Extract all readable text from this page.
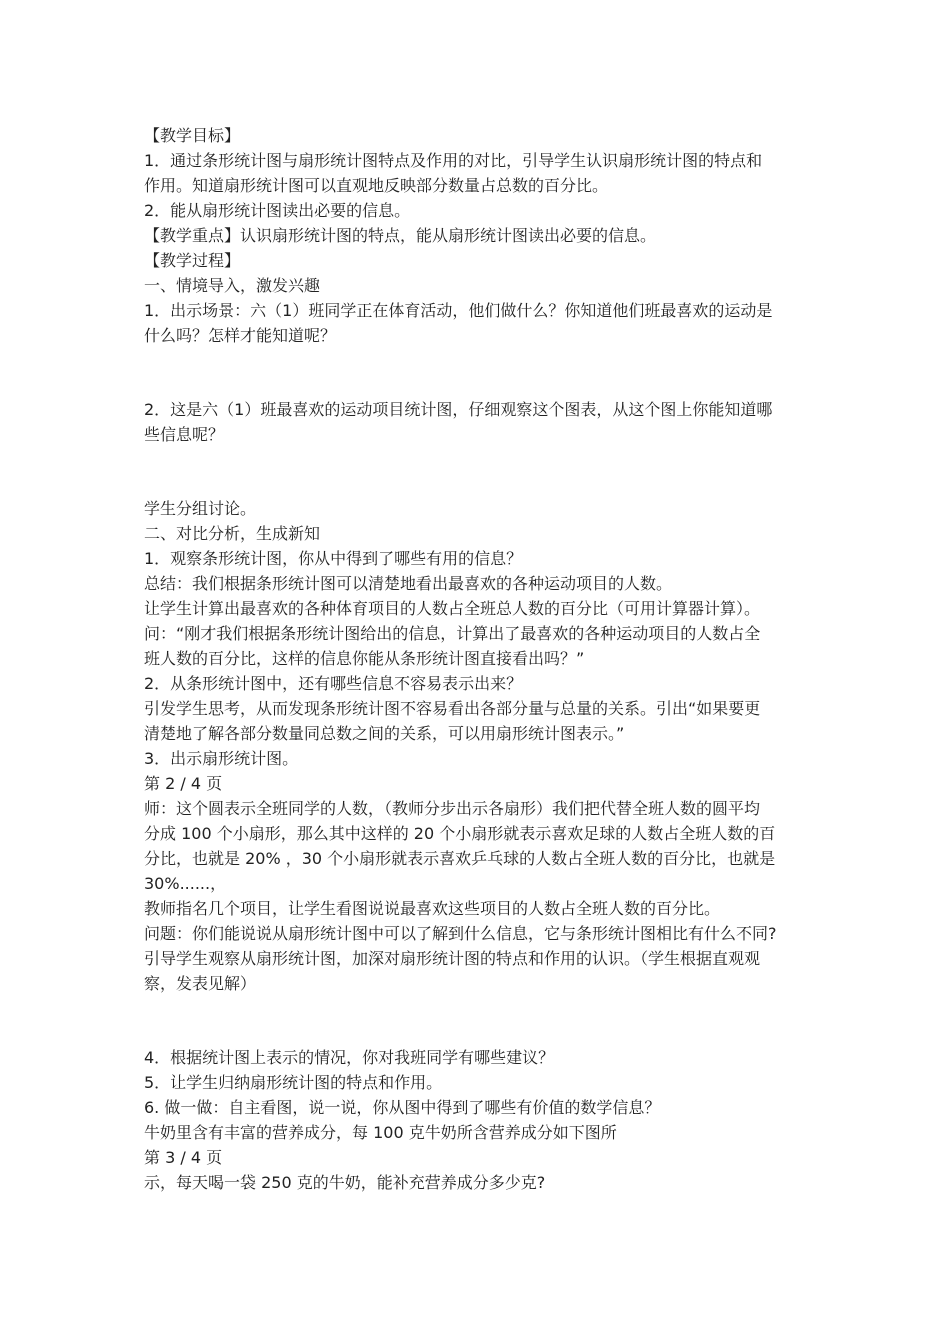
【教学目标】
1．通过条形统计图与扇形统计图特点及作用的对比，引导学生认识扇形统计图的特点和
作用。知道扇形统计图可以直观地反映部分数量占总数的百分比。
2．能从扇形统计图读出必要的信息。
【教学重点】认识扇形统计图的特点，能从扇形统计图读出必要的信息。
【教学过程】
一、情境导入，激发兴趣
1．出示场景：六（1）班同学正在体育活动，他们做什么？你知道他们班最喜欢的运动是
什么吗？怎样才能知道呢？
2．这是六（1）班最喜欢的运动项目统计图，仔细观察这个图表，从这个图上你能知道哪
些信息呢？
学生分组讨论。
二、对比分析，生成新知
1．观察条形统计图，你从中得到了哪些有用的信息？
总结：我们根据条形统计图可以清楚地看出最喜欢的各种运动项目的人数。
让学生计算出最喜欢的各种体育项目的人数占全班总人数的百分比（可用计算器计算）。
问：“刚才我们根据条形统计图给出的信息，计算出了最喜欢的各种运动项目的人数占全
班人数的百分比，这样的信息你能从条形统计图直接看出吗？”
2．从条形统计图中，还有哪些信息不容易表示出来？
引发学生思考，从而发现条形统计图不容易看出各部分量与总量的关系。引出“如果要更
清楚地了解各部分数量同总数之间的关系，可以用扇形统计图表示。”
3．出示扇形统计图。
第 2 / 4 页
师：这个圆表示全班同学的人数，（教师分步出示各扇形）我们把代替全班人数的圆平均
分成 100 个小扇形，那么其中这样的 20 个小扇形就表示喜欢足球的人数占全班人数的百
分比，也就是 20% ，30 个小扇形就表示喜欢乒乓球的人数占全班人数的百分比，也就是
30%......，
教师指名几个项目，让学生看图说说最喜欢这些项目的人数占全班人数的百分比。
问题：你们能说说从扇形统计图中可以了解到什么信息，它与条形统计图相比有什么不同?
引导学生观察从扇形统计图，加深对扇形统计图的特点和作用的认识。（学生根据直观观
察，发表见解）
4．根据统计图上表示的情况，你对我班同学有哪些建议？
5．让学生归纳扇形统计图的特点和作用。
6. 做一做：自主看图，说一说，你从图中得到了哪些有价值的数学信息？
牛奶里含有丰富的营养成分，每 100 克牛奶所含营养成分如下图所
第 3 / 4 页
示，每天喝一袋 250 克的牛奶，能补充营养成分多少克?
